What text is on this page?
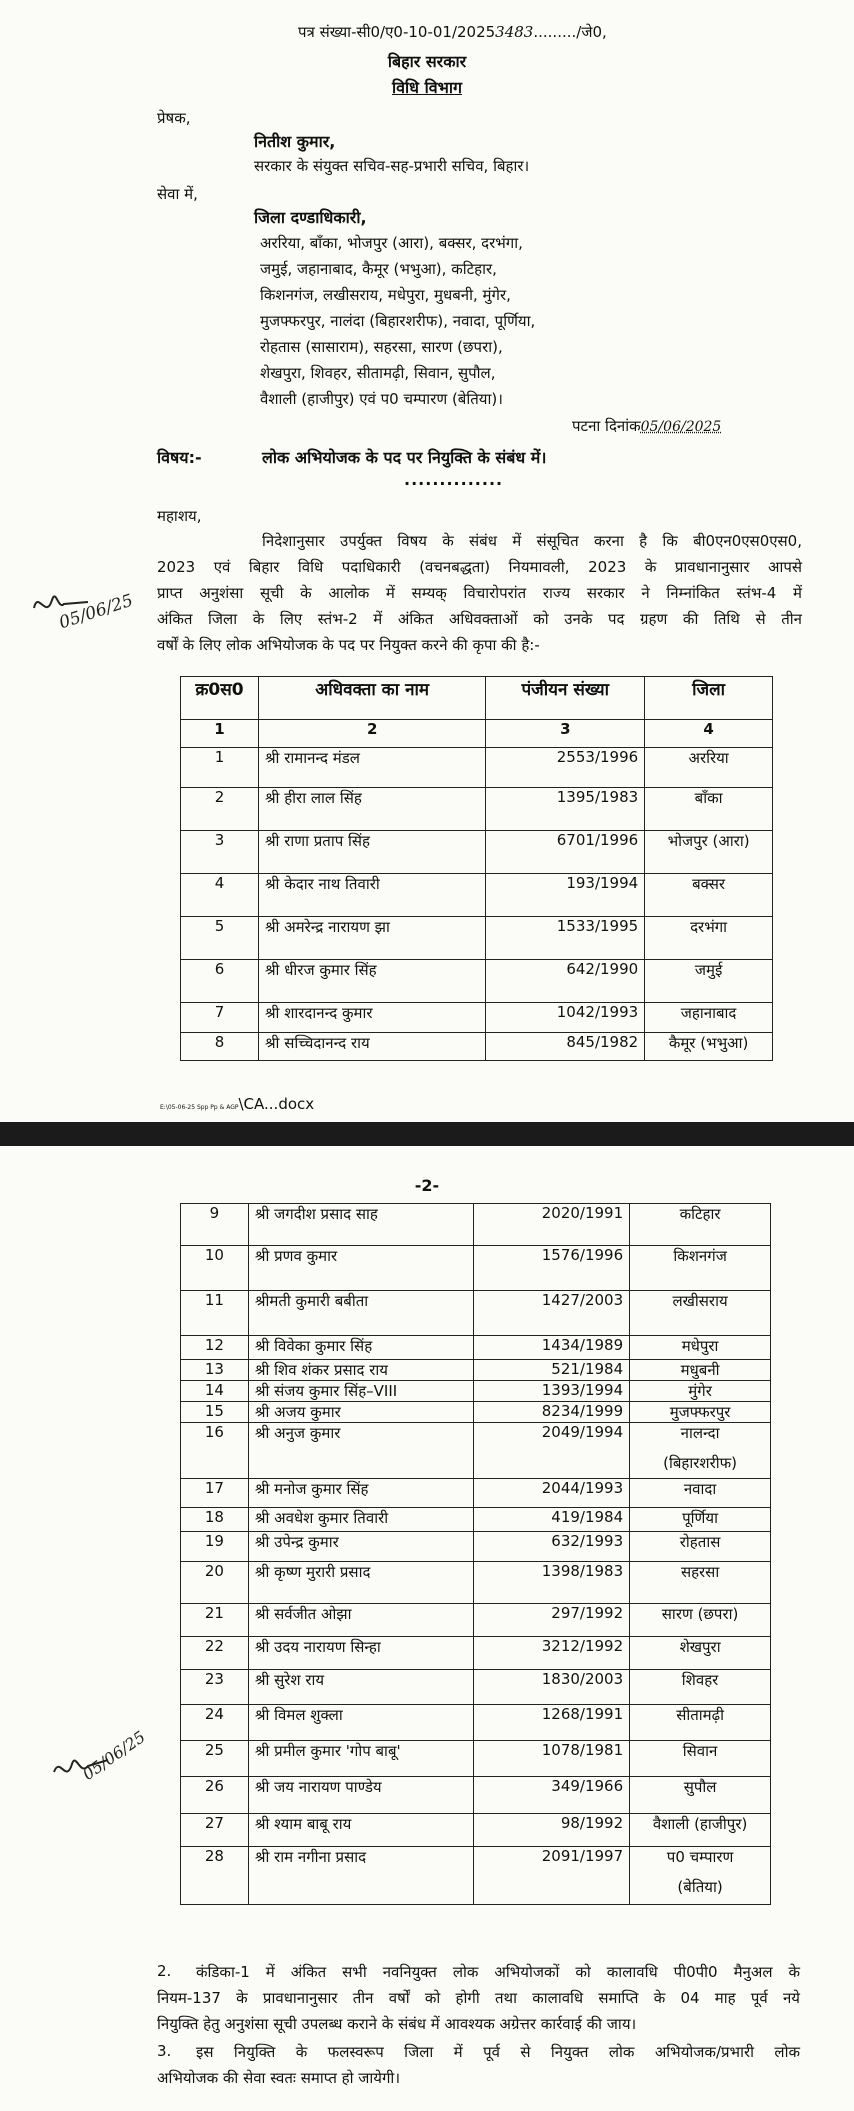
पत्र संख्या-सी0/ए0-10-01/20253483........./जे0,
बिहार सरकार
विधि विभाग
प्रेषक,
नितीश कुमार,
सरकार के संयुक्त सचिव-सह-प्रभारी सचिव, बिहार।
सेवा में,
जिला दण्डाधिकारी,
अररिया, बाँका, भोजपुर (आरा), बक्सर, दरभंगा,
जमुई, जहानाबाद, कैमूर (भभुआ), कटिहार,
किशनगंज, लखीसराय, मधेपुरा, मुधबनी, मुंगेर,
मुजफ्फरपुर, नालंदा (बिहारशरीफ), नवादा, पूर्णिया,
रोहतास (सासाराम), सहरसा, सारण (छपरा),
शेखपुरा, शिवहर, सीतामढ़ी, सिवान, सुपौल,
वैशाली (हाजीपुर) एवं प0 चम्पारण (बेतिया)।
पटना दिनांक05/06/2025
विषय:-	लोक अभियोजक के पद पर नियुक्ति के संबंध में।
..............
महाशय,
निदेशानुसार उपर्युक्त विषय के संबंध में संसूचित करना है कि बी0एन0एस0एस0,
2023 एवं बिहार विधि पदाधिकारी (वचनबद्धता) नियमावली, 2023 के प्रावधानानुसार आपसे
प्राप्त अनुशंसा सूची के आलोक में सम्यक् विचारोपरांत राज्य सरकार ने निम्नांकित स्तंभ-4 में
अंकित जिला के लिए स्तंभ-2 में अंकित अधिवक्ताओं को उनके पद ग्रहण की तिथि से तीन
वर्षों के लिए लोक अभियोजक के पद पर नियुक्त करने की कृपा की है:-
05/06/25
क्र0स0	अधिवक्ता का नाम	पंजीयन संख्या	जिला
1	2	3	4
1	श्री रामानन्द मंडल	2553/1996	अररिया
2	श्री हीरा लाल सिंह	1395/1983	बाँका
3	श्री राणा प्रताप सिंह	6701/1996	भोजपुर (आरा)
4	श्री केदार नाथ तिवारी	193/1994	बक्सर
5	श्री अमरेन्द्र नारायण झा	1533/1995	दरभंगा
6	श्री धीरज कुमार सिंह	642/1990	जमुई
7	श्री शारदानन्द कुमार	1042/1993	जहानाबाद
8	श्री सच्चिदानन्द राय	845/1982	कैमूर (भभुआ)
E:\05-06-25 Spp Pp & AGP\CA...docx
-2-
9	श्री जगदीश प्रसाद साह	2020/1991	कटिहार
10	श्री प्रणव कुमार	1576/1996	किशनगंज
11	श्रीमती कुमारी बबीता	1427/2003	लखीसराय
12	श्री विवेका कुमार सिंह	1434/1989	मधेपुरा
13	श्री शिव शंकर प्रसाद राय	521/1984	मधुबनी
14	श्री संजय कुमार सिंह–VIII	1393/1994	मुंगेर
15	श्री अजय कुमार	8234/1999	मुजफ्फरपुर
16	श्री अनुज कुमार	2049/1994	नालन्दा
(बिहारशरीफ)

17	श्री मनोज कुमार सिंह	2044/1993	नवादा
18	श्री अवधेश कुमार तिवारी	419/1984	पूर्णिया
19	श्री उपेन्द्र कुमार	632/1993	रोहतास
20	श्री कृष्ण मुरारी प्रसाद	1398/1983	सहरसा
21	श्री सर्वजीत ओझा	297/1992	सारण (छपरा)
22	श्री उदय नारायण सिन्हा	3212/1992	शेखपुरा
23	श्री सुरेश राय	1830/2003	शिवहर
24	श्री विमल शुक्ला	1268/1991	सीतामढ़ी
25	श्री प्रमील कुमार 'गोप बाबू'	1078/1981	सिवान
26	श्री जय नारायण पाण्डेय	349/1966	सुपौल
27	श्री श्याम बाबू राय	98/1992	वैशाली (हाजीपुर)
28	श्री राम नगीना प्रसाद	2091/1997	प0 चम्पारण
(बेतिया)
05/06/25
2. कंडिका-1 में अंकित सभी नवनियुक्त लोक अभियोजकों को कालावधि पी0पी0 मैनुअल के
नियम-137 के प्रावधानानुसार तीन वर्षों को होगी तथा कालावधि समाप्ति के 04 माह पूर्व नये
नियुक्ति हेतु अनुशंसा सूची उपलब्ध कराने के संबंध में आवश्यक अग्रेत्तर कार्रवाई की जाय।
3. इस नियुक्ति के फलस्वरूप जिला में पूर्व से नियुक्त लोक अभियोजक/प्रभारी लोक
अभियोजक की सेवा स्वतः समाप्त हो जायेगी।
